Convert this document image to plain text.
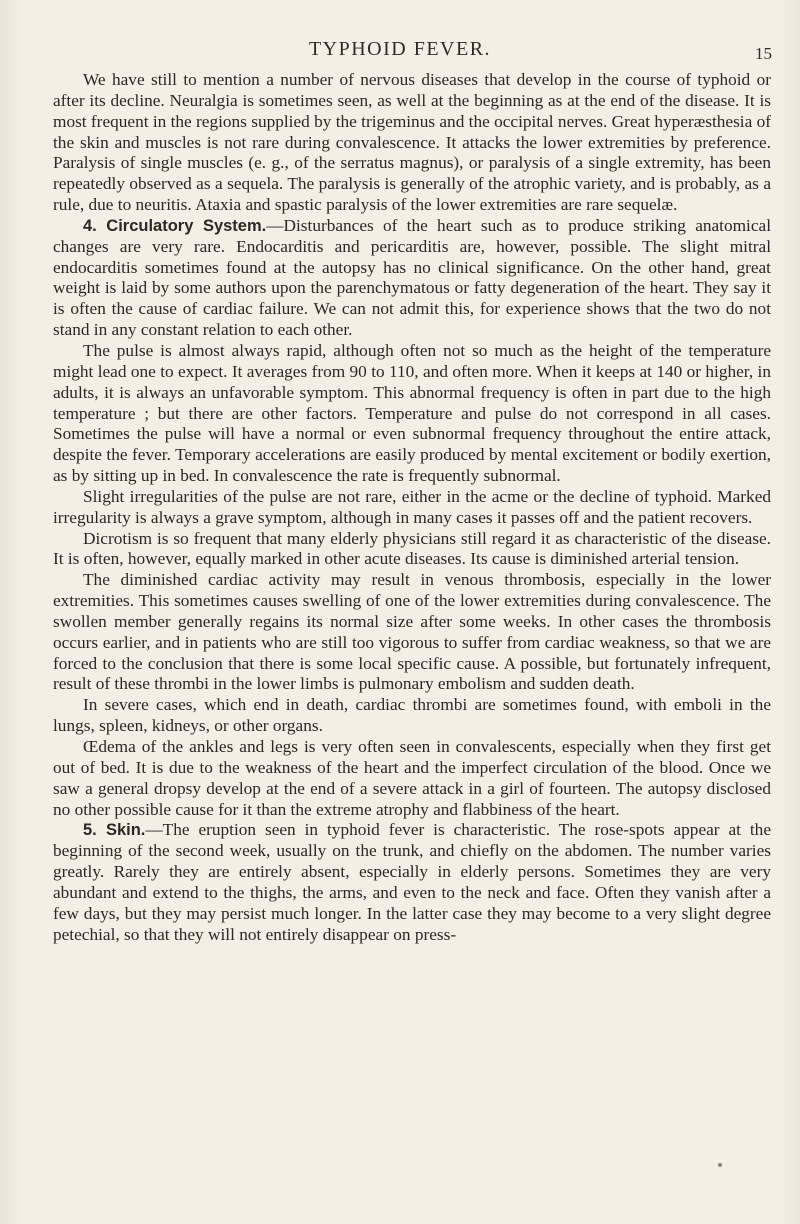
TYPHOID FEVER.	15

We have still to mention a number of nervous diseases that develop in the course of typhoid or after its decline. Neuralgia is sometimes seen, as well at the beginning as at the end of the disease. It is most frequent in the regions supplied by the trigeminus and the occipital nerves. Great hyperæsthesia of the skin and muscles is not rare during convalescence. It attacks the lower extremities by preference. Paralysis of single muscles (e. g., of the serratus magnus), or paralysis of a single extremity, has been repeatedly observed as a sequela. The paralysis is generally of the atrophic variety, and is probably, as a rule, due to neuritis. Ataxia and spastic paralysis of the lower extremities are rare sequelæ.

4. Circulatory System.—Disturbances of the heart such as to produce striking anatomical changes are very rare. Endocarditis and pericarditis are, however, possible. The slight mitral endocarditis sometimes found at the autopsy has no clinical significance. On the other hand, great weight is laid by some authors upon the parenchymatous or fatty degeneration of the heart. They say it is often the cause of cardiac failure. We can not admit this, for experience shows that the two do not stand in any constant relation to each other.

The pulse is almost always rapid, although often not so much as the height of the temperature might lead one to expect. It averages from 90 to 110, and often more. When it keeps at 140 or higher, in adults, it is always an unfavorable symptom. This abnormal frequency is often in part due to the high temperature ; but there are other factors. Temperature and pulse do not correspond in all cases. Sometimes the pulse will have a normal or even subnormal frequency throughout the entire attack, despite the fever. Temporary accelerations are easily produced by mental excitement or bodily exertion, as by sitting up in bed. In convalescence the rate is frequently subnormal.

Slight irregularities of the pulse are not rare, either in the acme or the decline of typhoid. Marked irregularity is always a grave symptom, although in many cases it passes off and the patient recovers.

Dicrotism is so frequent that many elderly physicians still regard it as characteristic of the disease. It is often, however, equally marked in other acute diseases. Its cause is diminished arterial tension.

The diminished cardiac activity may result in venous thrombosis, especially in the lower extremities. This sometimes causes swelling of one of the lower extremities during convalescence. The swollen member generally regains its normal size after some weeks. In other cases the thrombosis occurs earlier, and in patients who are still too vigorous to suffer from cardiac weakness, so that we are forced to the conclusion that there is some local specific cause. A possible, but fortunately infrequent, result of these thrombi in the lower limbs is pulmonary embolism and sudden death.

In severe cases, which end in death, cardiac thrombi are sometimes found, with emboli in the lungs, spleen, kidneys, or other organs.

Œdema of the ankles and legs is very often seen in convalescents, especially when they first get out of bed. It is due to the weakness of the heart and the imperfect circulation of the blood. Once we saw a general dropsy develop at the end of a severe attack in a girl of fourteen. The autopsy disclosed no other possible cause for it than the extreme atrophy and flabbiness of the heart.

5. Skin.—The eruption seen in typhoid fever is characteristic. The rose-spots appear at the beginning of the second week, usually on the trunk, and chiefly on the abdomen. The number varies greatly. Rarely they are entirely absent, especially in elderly persons. Sometimes they are very abundant and extend to the thighs, the arms, and even to the neck and face. Often they vanish after a few days, but they may persist much longer. In the latter case they may become to a very slight degree petechial, so that they will not entirely disappear on press-
